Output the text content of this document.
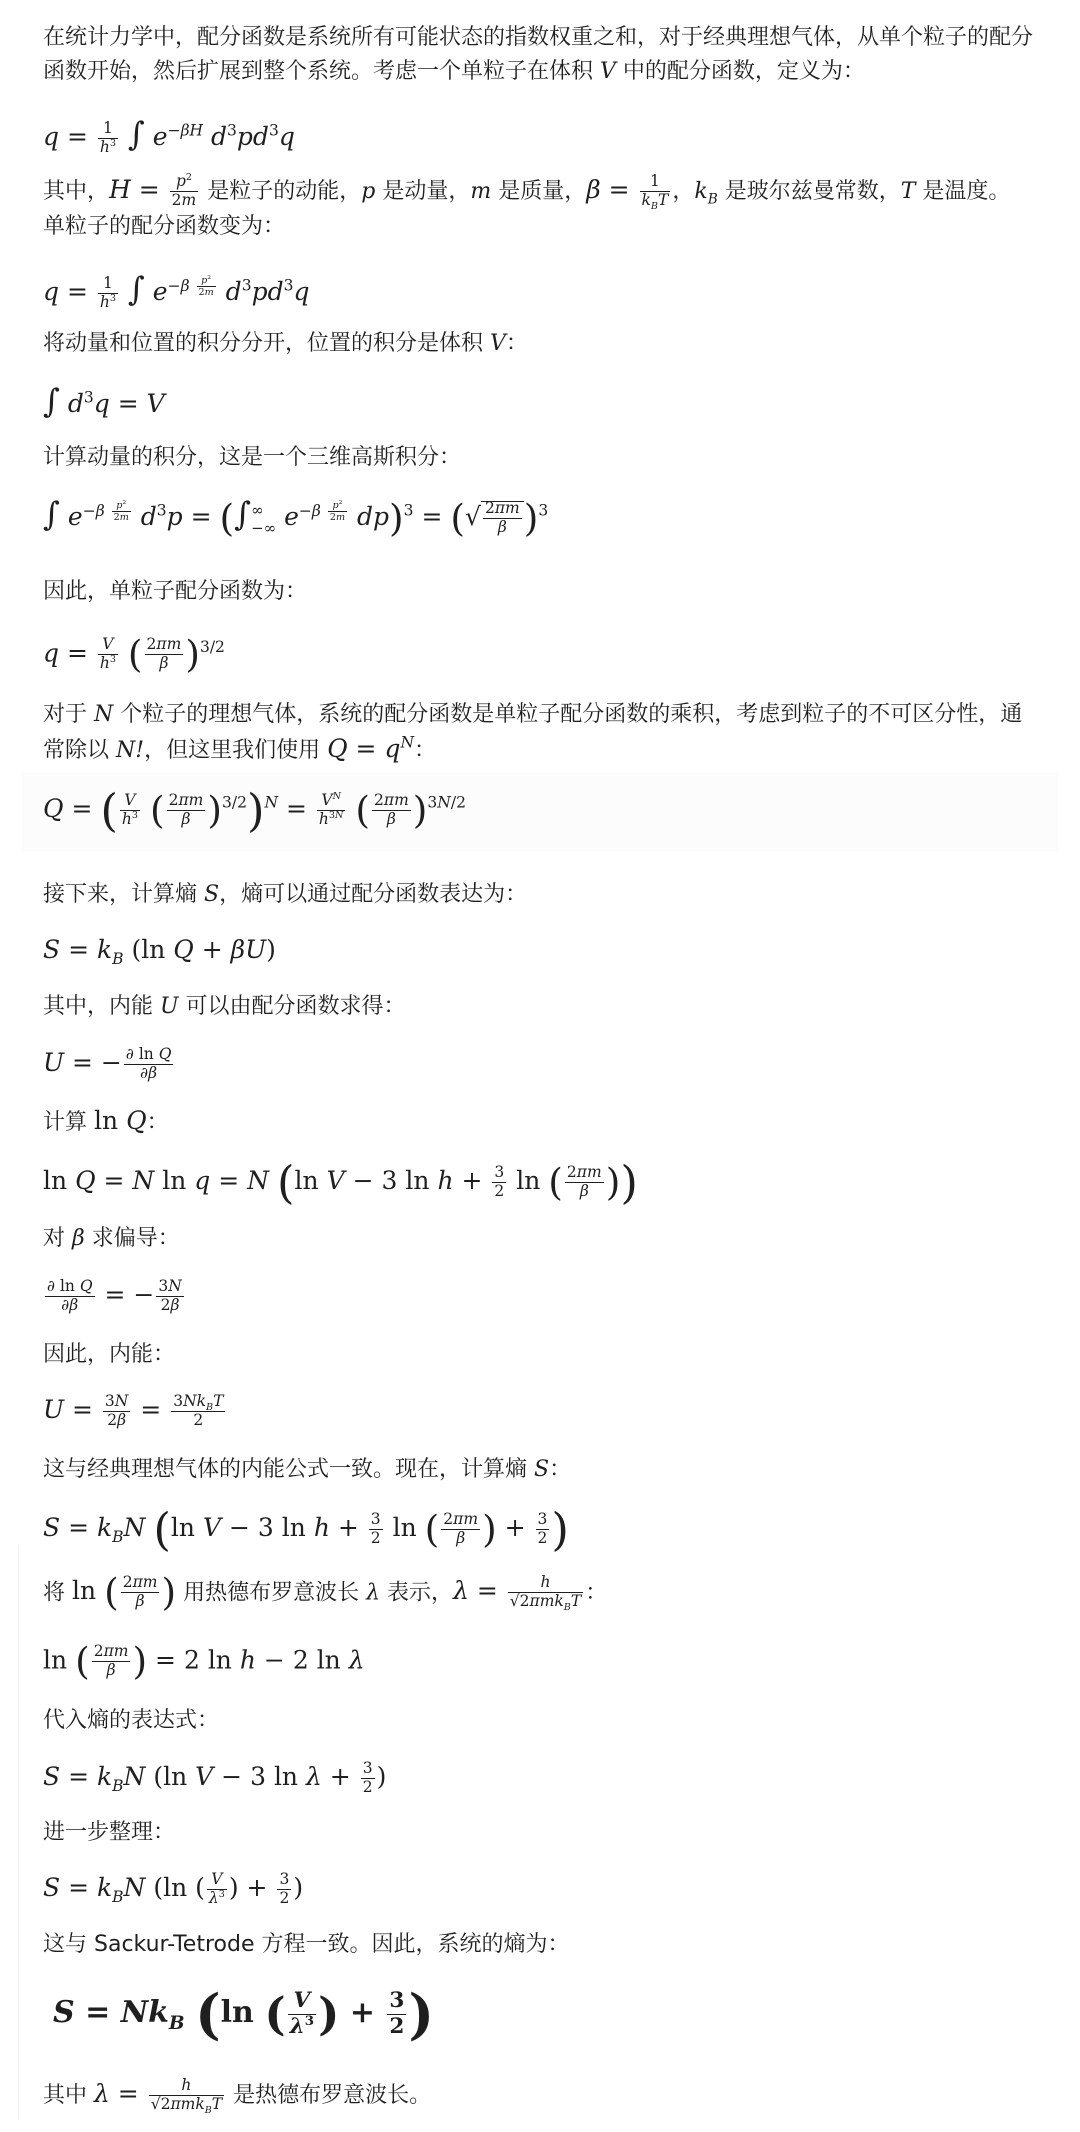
在统计力学中，配分函数是系统所有可能状态的指数权重之和，对于经典理想气体，从单个粒子的配分
函数开始，然后扩展到整个系统。考虑一个单粒子在体积 V 中的配分函数，定义为：

$q = \frac{1}{h^3}$ ∫ $e^{-\beta H}$ $d^3pd^3q$

其中，$H = \frac{p^2}{2m}$ 是粒子的动能，p 是动量，m 是质量，β = 1
$k_BT$ ，$k_B$ 是玻尔兹曼常数，T 是温度。
单粒子的配分函数变为：

$q = \frac{1}{h^3}$ ∫ $e^{-\beta \frac{p^2}{2m}}$ $d^3pd^3q$

将动量和位置的积分分开，位置的积分是体积 V：

∫ $d^3q = V$

计算动量的积分，这是一个三维高斯积分：

∫ $e^{-\beta \frac{p^2}{2m}}$ $d^3p$ = (∫∞
−∞ $e^{-\beta \frac{p^2}{2m}}$ dp)$^3$ = (√ $\frac{2\pi m}{\beta} )^3$

因此，单粒子配分函数为：

$q = \frac{V}{h^3}$ ( $\frac{2\pi m}{\beta} )^{3/2}$

对于 N 个粒子的理想气体，系统的配分函数是单粒子配分函数的乘积，考虑到粒子的不可区分性，通
常除以 N!，但这里我们使用 $Q = q^N$：

Q = ( $\frac{V}{h^3}$ ( $\frac{2\pi m}{\beta} )^{3/2})^N = \frac{V^N}{h^{3N}}$ ( $\frac{2\pi m}{\beta} )^{3N/2}$

接下来，计算熵 S，熵可以通过配分函数表达为：

$S = k_B$ (ln Q + βU)

其中，内能 U 可以由配分函数求得：

U = − $\frac{\text{∂ ln Q}}{\partial\beta}$

计算 ln Q：

ln Q = N ln q = N (ln V − 3 $\ln h + \frac{3}{2}$ ln ( $\frac{2\pi m}{\beta}$ ))

对 β 求偏导：

$\frac{\text{∂ ln Q}}{\partial\beta}$ = − $\frac{3N}{2\beta}$

因此，内能：

$U = \frac{3N}{2\beta} = 3Nk_BT$
2

这与经典理想气体的内能公式一致。现在，计算熵 S：

$S = k_BN$ (ln V − 3 $\ln h + \frac{3}{2}$ ln ( $\frac{2\pi m}{\beta}$ ) + $\frac{3}{2}$ )

将 ln ( $\frac{2\pi m}{\beta}$ ) 用热德布罗意波长 λ 表示，λ =	h
√2πmk$_B$T ：

ln ( $\frac{2\pi m}{\beta}$ ) = 2 ln h − 2 ln λ

代入熵的表达式：

$S = k_BN$ (ln V − 3 $\ln \lambda + \frac{3}{2}$ )

进一步整理：

$S = k_BN$ (ln ( $\frac{V}{\lambda^3}$ ) + $\frac{3}{2}$ )

这与 Sackur-Tetrode 方程一致。因此，系统的熵为：

$S = Nk_B$ (ln ( $\frac{V}{\lambda^3}$ ) + $\frac{3}{2}$ )

其中 λ =	h
√2πmk$_B$T 是热德布罗意波长。
